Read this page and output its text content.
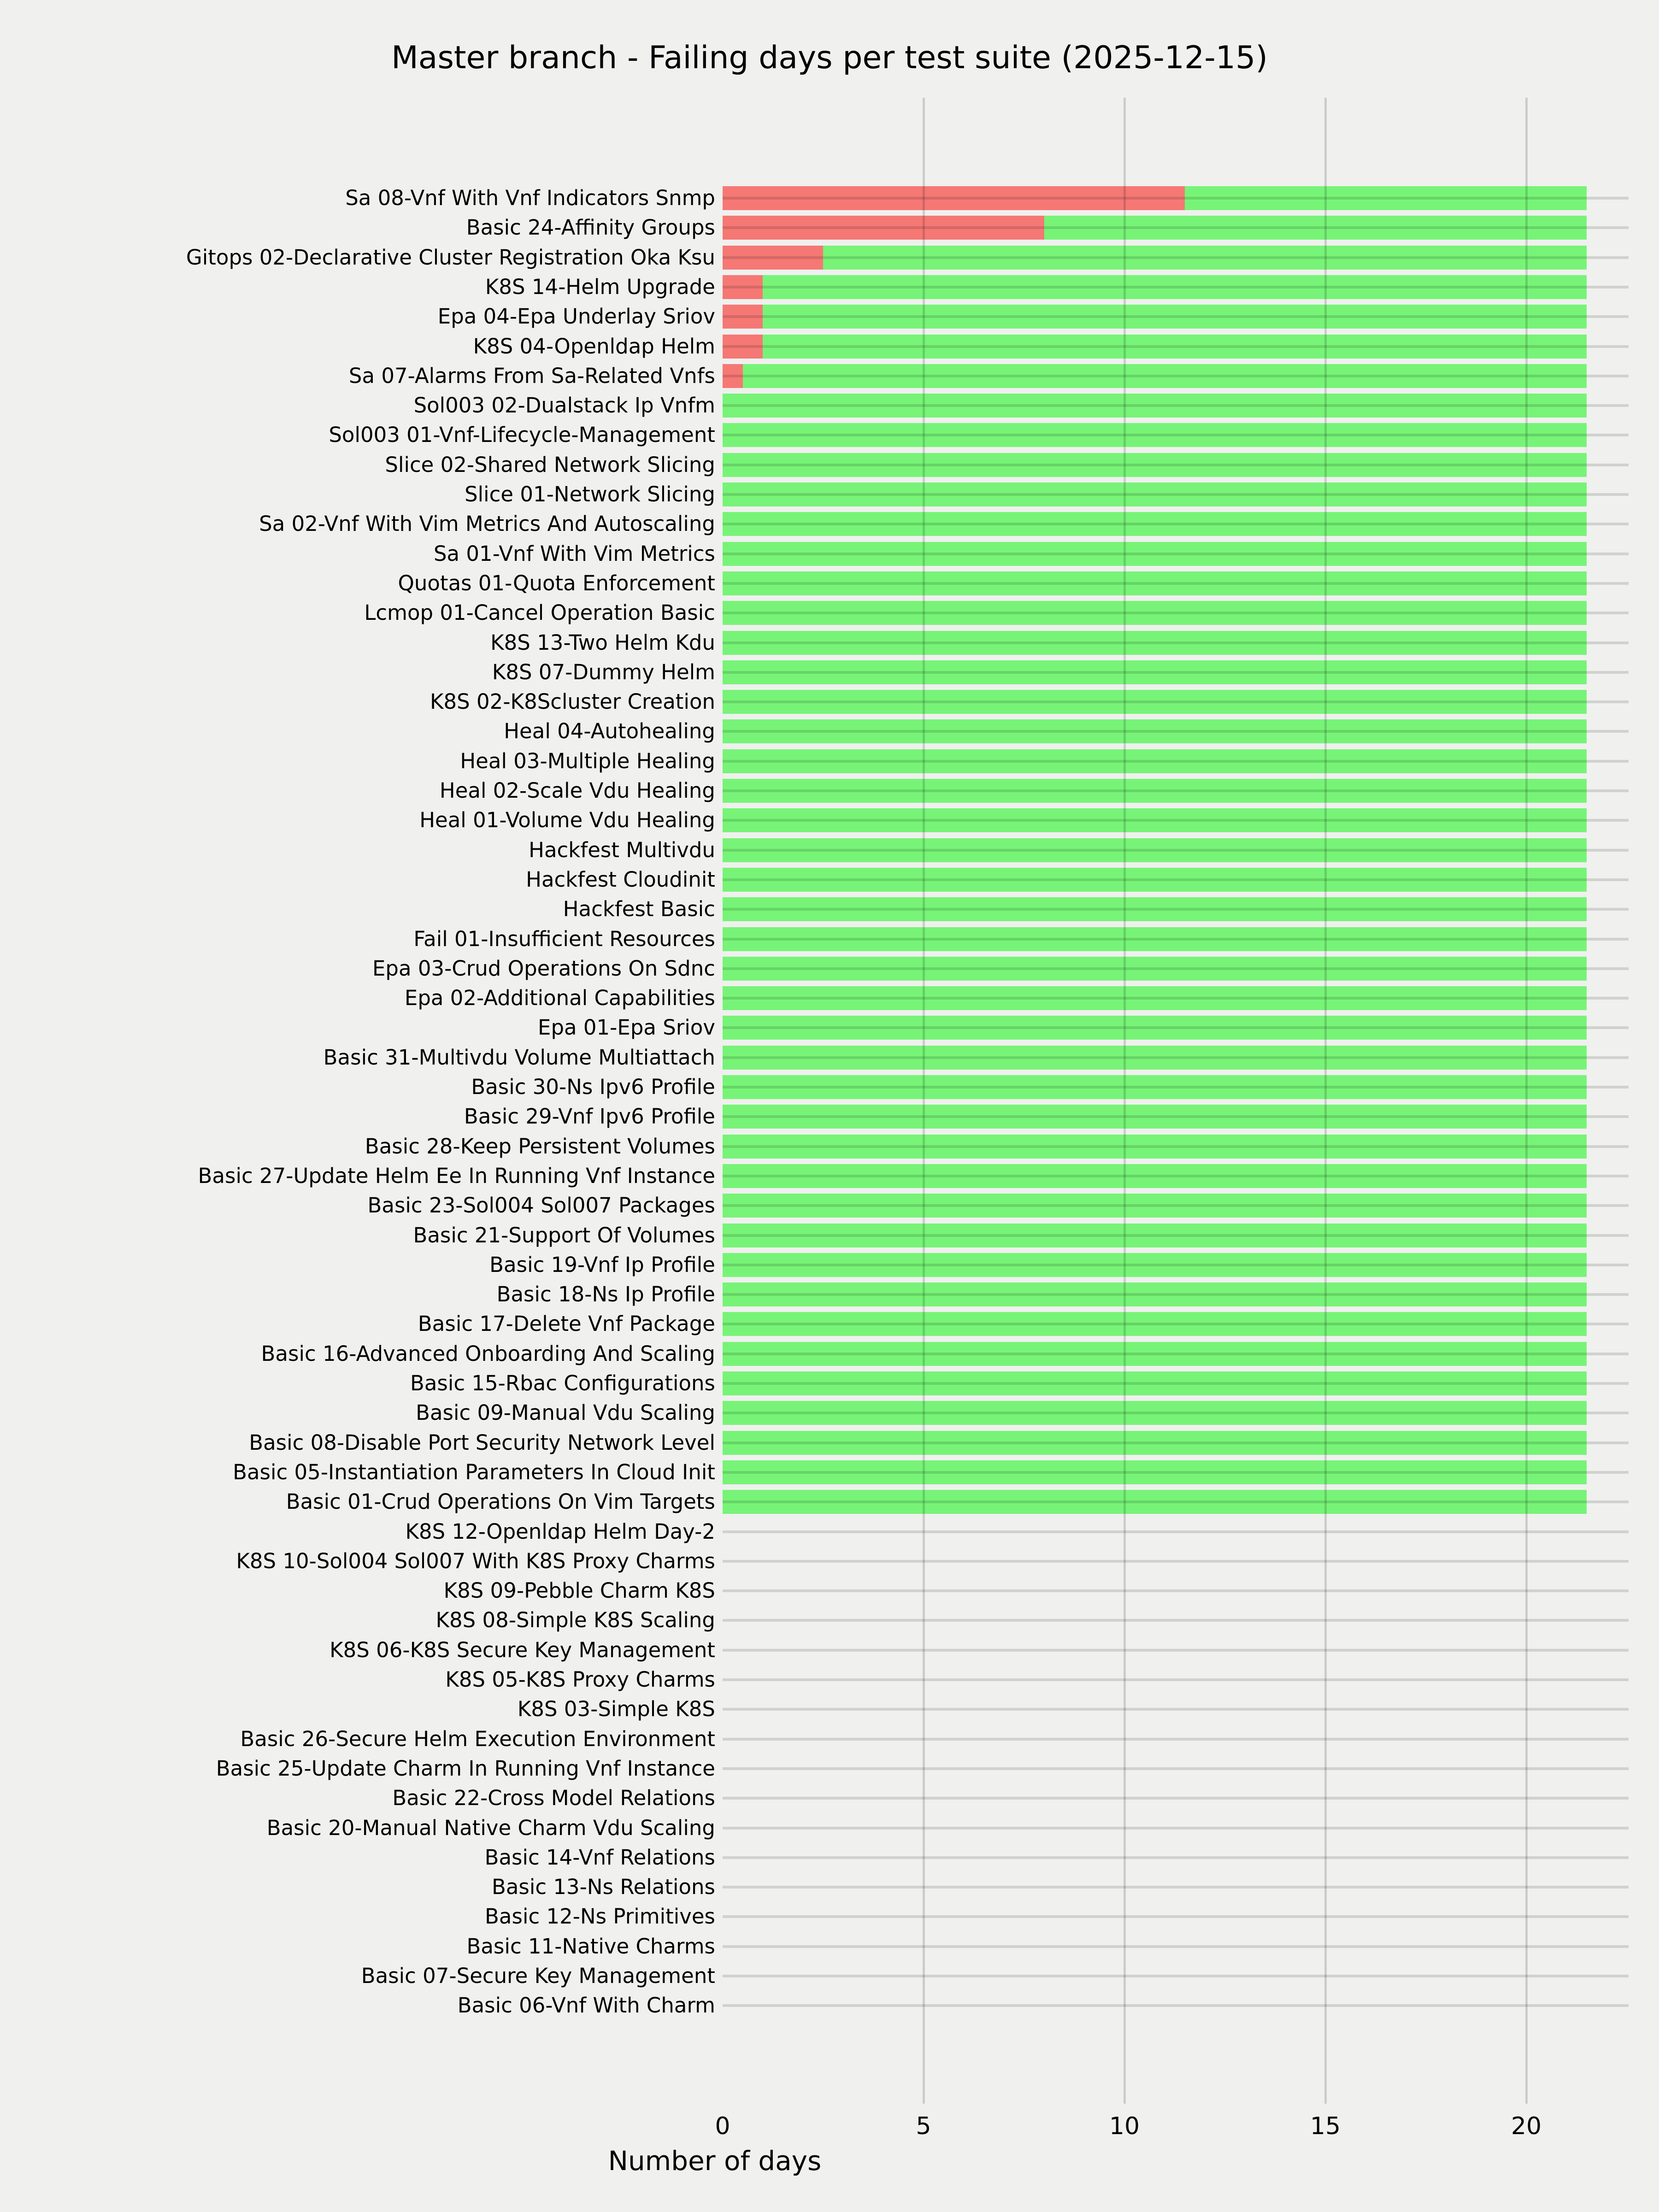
Master branch - Failing days per test suite (2025-12-15)
Sa 08-Vnf With Vnf Indicators Snmp
Basic 24-Affinity Groups
Gitops 02-Declarative Cluster Registration Oka Ksu
K8S 14-Helm Upgrade
Epa 04-Epa Underlay Sriov
K8S 04-Openldap Helm
Sa 07-Alarms From Sa-Related Vnfs
Sol003 02-Dualstack Ip Vnfm
Sol003 01-Vnf-Lifecycle-Management
Slice 02-Shared Network Slicing
Slice 01-Network Slicing
Sa 02-Vnf With Vim Metrics And Autoscaling
Sa 01-Vnf With Vim Metrics
Quotas 01-Quota Enforcement
Lcmop 01-Cancel Operation Basic
K8S 13-Two Helm Kdu
K8S 07-Dummy Helm
K8S 02-K8Scluster Creation
Heal 04-Autohealing
Heal 03-Multiple Healing
Heal 02-Scale Vdu Healing
Heal 01-Volume Vdu Healing
Hackfest Multivdu
Hackfest Cloudinit
Hackfest Basic
Fail 01-Insufficient Resources
Epa 03-Crud Operations On Sdnc
Epa 02-Additional Capabilities
Epa 01-Epa Sriov
Basic 31-Multivdu Volume Multiattach
Basic 30-Ns Ipv6 Profile
Basic 29-Vnf Ipv6 Profile
Basic 28-Keep Persistent Volumes
Basic 27-Update Helm Ee In Running Vnf Instance
Basic 23-Sol004 Sol007 Packages
Basic 21-Support Of Volumes
Basic 19-Vnf Ip Profile
Basic 18-Ns Ip Profile
Basic 17-Delete Vnf Package
Basic 16-Advanced Onboarding And Scaling
Basic 15-Rbac Configurations
Basic 09-Manual Vdu Scaling
Basic 08-Disable Port Security Network Level
Basic 05-Instantiation Parameters In Cloud Init
Basic 01-Crud Operations On Vim Targets
K8S 12-Openldap Helm Day-2
K8S 10-Sol004 Sol007 With K8S Proxy Charms
K8S 09-Pebble Charm K8S
K8S 08-Simple K8S Scaling
K8S 06-K8S Secure Key Management
K8S 05-K8S Proxy Charms
K8S 03-Simple K8S
Basic 26-Secure Helm Execution Environment
Basic 25-Update Charm In Running Vnf Instance
Basic 22-Cross Model Relations
Basic 20-Manual Native Charm Vdu Scaling
Basic 14-Vnf Relations
Basic 13-Ns Relations
Basic 12-Ns Primitives
Basic 11-Native Charms
Basic 07-Secure Key Management
Basic 06-Vnf With Charm
0	5	10	15	20
Number of days
